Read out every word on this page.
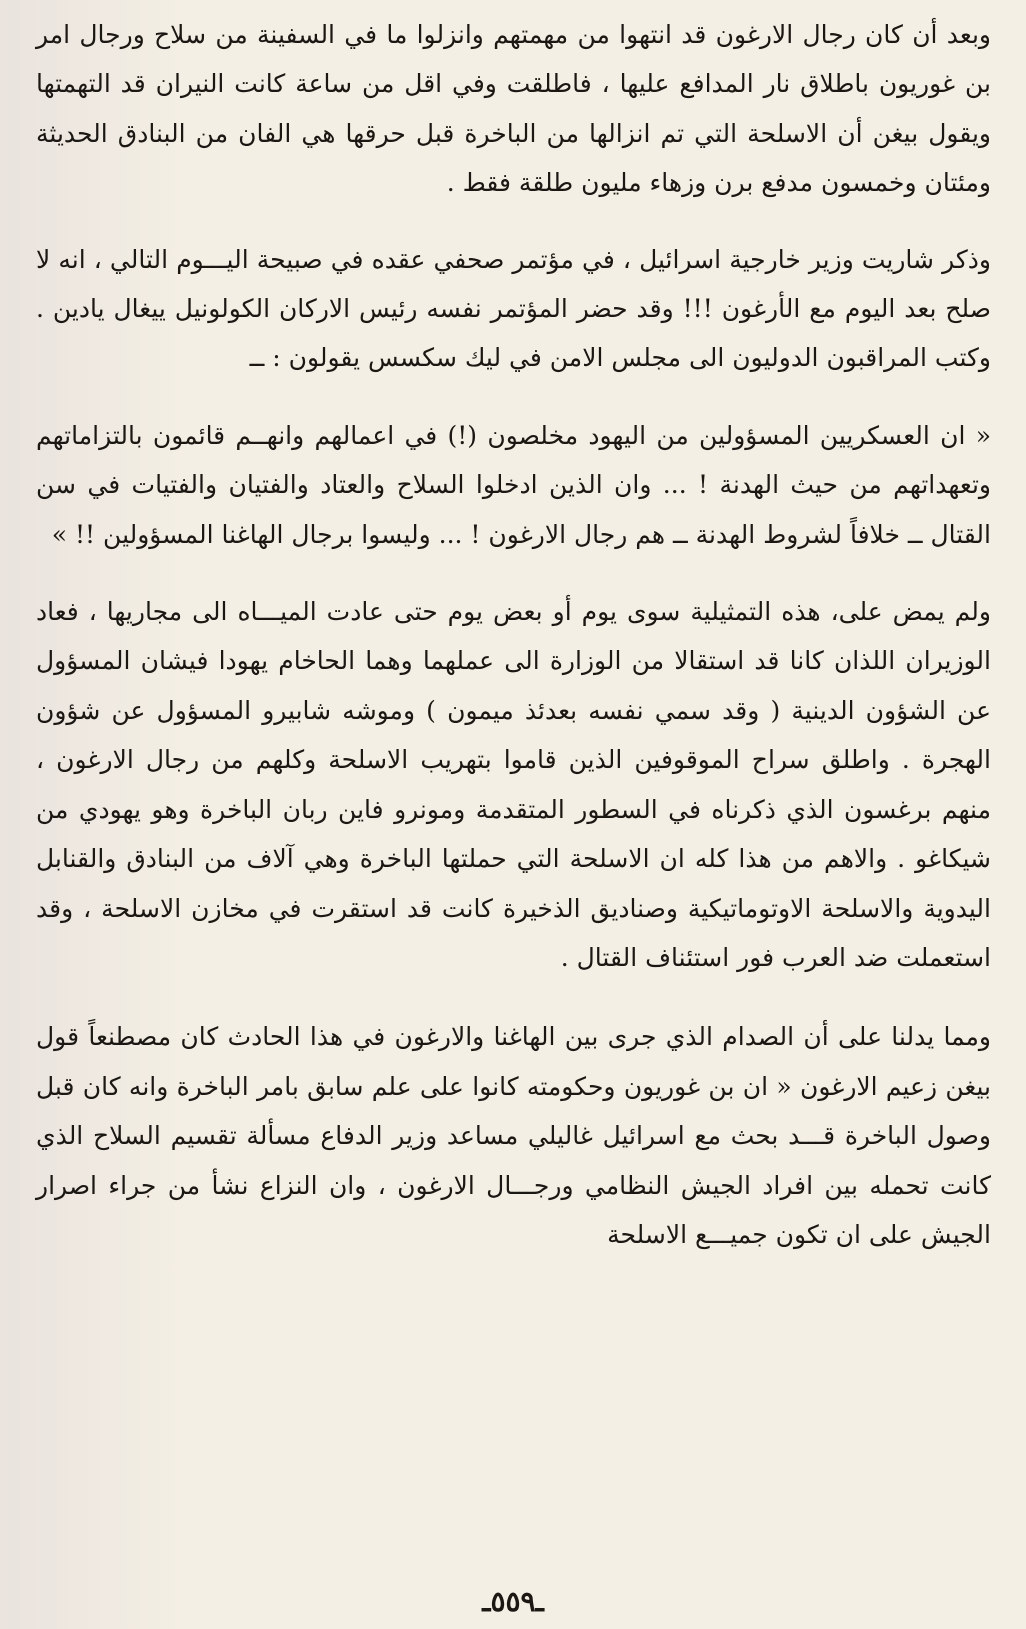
وبعد أن كان رجال الارغون قد انتهوا من مهمتهم وانزلوا ما في السفينة من سلاح ورجال امر بن غوريون باطلاق نار المدافع عليها ، فاطلقت وفي اقل من ساعة كانت النيران قد التهمتها ويقول بيغن أن الاسلحة التي تم انزالها من الباخرة قبل حرقها هي الفان من البنادق الحديثة ومئتان وخمسون مدفع برن وزهاء مليون طلقة فقط .

وذكر شاريت وزير خارجية اسرائيل ، في مؤتمر صحفي عقده في صبيحة اليـــوم التالي ، انه لا صلح بعد اليوم مع الأرغون !!! وقد حضر المؤتمر نفسه رئيس الاركان الكولونيل ييغال يادين . وكتب المراقبون الدوليون الى مجلس الامن في ليك سكسس يقولون : ــ

« ان العسكريين المسؤولين من اليهود مخلصون (!) في اعمالهم وانهــم قائمون بالتزاماتهم وتعهداتهم من حيث الهدنة ! ... وان الذين ادخلوا السلاح والعتاد والفتيان والفتيات في سن القتال ــ خلافاً لشروط الهدنة ــ هم رجال الارغون ! ... وليسوا برجال الهاغنا المسؤولين !! »

ولم يمض على، هذه التمثيلية سوى يوم أو بعض يوم حتى عادت الميـــاه الى مجاريها ، فعاد الوزيران اللذان كانا قد استقالا من الوزارة الى عملهما وهما الحاخام يهودا فيشان المسؤول عن الشؤون الدينية ( وقد سمي نفسه بعدئذ ميمون ) وموشه شابيرو المسؤول عن شؤون الهجرة . واطلق سراح الموقوفين الذين قاموا بتهريب الاسلحة وكلهم من رجال الارغون ، منهم برغسون الذي ذكرناه في السطور المتقدمة ومونرو فاين ربان الباخرة وهو يهودي من شيكاغو . والاهم من هذا كله ان الاسلحة التي حملتها الباخرة وهي آلاف من البنادق والقنابل اليدوية والاسلحة الاوتوماتيكية وصناديق الذخيرة كانت قد استقرت في مخازن الاسلحة ، وقد استعملت ضد العرب فور استئناف القتال .

ومما يدلنا على أن الصدام الذي جرى بين الهاغنا والارغون في هذا الحادث كان مصطنعاً قول بيغن زعيم الارغون « ان بن غوريون وحكومته كانوا على علم سابق بامر الباخرة وانه كان قبل وصول الباخرة قـــد بحث مع اسرائيل غاليلي مساعد وزير الدفاع مسألة تقسيم السلاح الذي كانت تحمله بين افراد الجيش النظامي ورجـــال الارغون ، وان النزاع نشأ من جراء اصرار الجيش على ان تكون جميـــع الاسلحة

ـ٥٥٩ـ
